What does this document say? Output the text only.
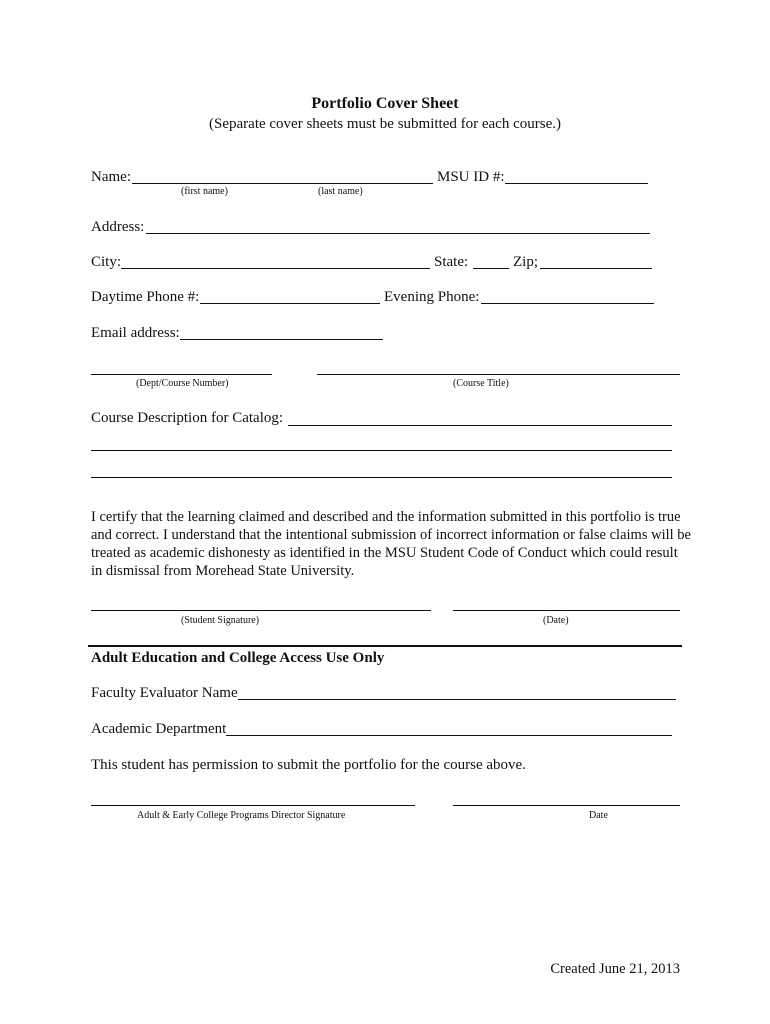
Portfolio Cover Sheet
(Separate cover sheets must be submitted for each course.)
Name:
(first name)	(last name)
MSU ID #:
Address:
City:	State:	Zip;
Daytime Phone #:	Evening Phone:
Email address:
(Dept/Course Number)	(Course Title)
Course Description for Catalog:
I certify that the learning claimed and described and the information submitted in this portfolio is true and correct. I understand that the intentional submission of incorrect information or false claims will be treated as academic dishonesty as identified in the MSU Student Code of Conduct which could result in dismissal from Morehead State University.
(Student Signature)	(Date)
Adult Education and College Access Use Only
Faculty Evaluator Name
Academic Department
This student has permission to submit the portfolio for the course above.
Adult & Early College Programs Director Signature	Date
Created June 21, 2013
